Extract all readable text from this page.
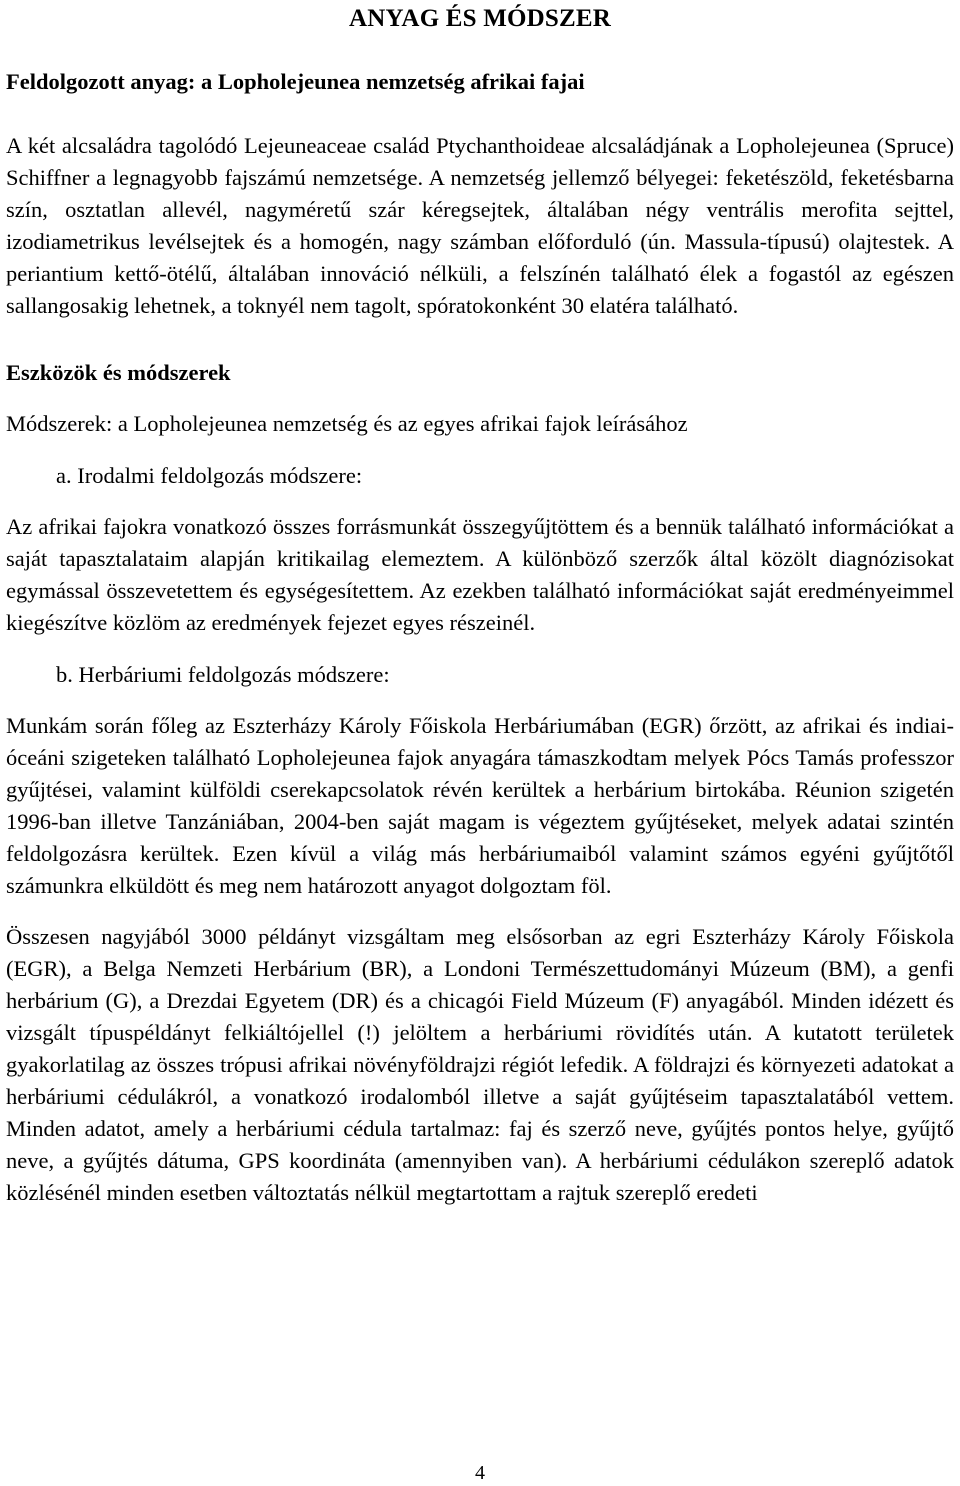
ANYAG ÉS MÓDSZER
Feldolgozott anyag: a Lopholejeunea nemzetség afrikai fajai

A két alcsaládra tagolódó Lejeuneaceae család Ptychanthoideae alcsaládjának a Lopholejeunea (Spruce) Schiffner a legnagyobb fajszámú nemzetsége. A nemzetség jellemző bélyegei: feketészöld, feketésbarna szín, osztatlan allevél, nagyméretű szár kéregsejtek, általában négy ventrális merofita sejttel, izodiametrikus levélsejtek és a homogén, nagy számban előforduló (ún. Massula-típusú) olajtestek. A periantium kettő-ötélű, általában innováció nélküli, a felszínén található élek a fogastól az egészen sallangosakig lehetnek, a toknyél nem tagolt, spóratokonként 30 elatéra található.

Eszközök és módszerek

Módszerek: a Lopholejeunea nemzetség és az egyes afrikai fajok leírásához

a. Irodalmi feldolgozás módszere:

Az afrikai fajokra vonatkozó összes forrásmunkát összegyűjtöttem és a bennük található információkat a saját tapasztalataim alapján kritikailag elemeztem. A különböző szerzők által közölt diagnózisokat egymással összevetettem és egységesítettem. Az ezekben található információkat saját eredményeimmel kiegészítve közlöm az eredmények fejezet egyes részeinél.

b. Herbáriumi feldolgozás módszere:

Munkám során főleg az Eszterházy Károly Főiskola Herbáriumában (EGR) őrzött, az afrikai és indiai-óceáni szigeteken található Lopholejeunea fajok anyagára támaszkodtam melyek Pócs Tamás professzor gyűjtései, valamint külföldi cserekapcsolatok révén kerültek a herbárium birtokába. Réunion szigetén 1996-ban illetve Tanzániában, 2004-ben saját magam is végeztem gyűjtéseket, melyek adatai szintén feldolgozásra kerültek. Ezen kívül a világ más herbáriumaiból valamint számos egyéni gyűjtőtől számunkra elküldött és meg nem határozott anyagot dolgoztam föl.

Összesen nagyjából 3000 példányt vizsgáltam meg elsősorban az egri Eszterházy Károly Főiskola (EGR), a Belga Nemzeti Herbárium (BR), a Londoni Természettudományi Múzeum (BM), a genfi herbárium (G), a Drezdai Egyetem (DR) és a chicagói Field Múzeum (F) anyagából. Minden idézett és vizsgált típuspéldányt felkiáltójellel (!) jelöltem a herbáriumi rövidítés után. A kutatott területek gyakorlatilag az összes trópusi afrikai növényföldrajzi régiót lefedik. A földrajzi és környezeti adatokat a herbáriumi cédulákról, a vonatkozó irodalomból illetve a saját gyűjtéseim tapasztalatából vettem. Minden adatot, amely a herbáriumi cédula tartalmaz: faj és szerző neve, gyűjtés pontos helye, gyűjtő neve, a gyűjtés dátuma, GPS koordináta (amennyiben van). A herbáriumi cédulákon szereplő adatok közlésénél minden esetben változtatás nélkül megtartottam a rajtuk szereplő eredeti

4
